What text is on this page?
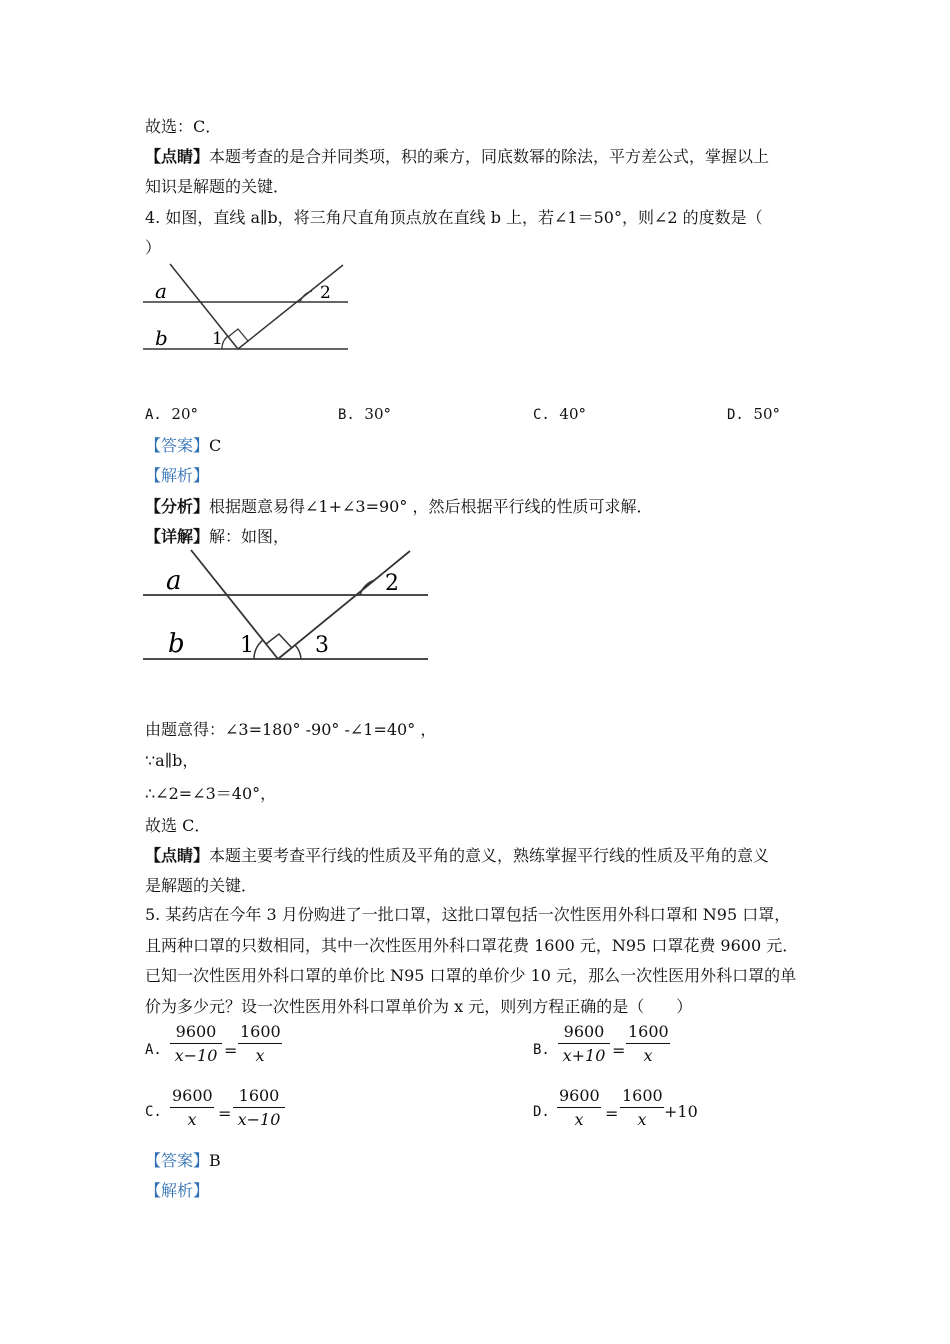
故选：C．
【点睛】本题考查的是合并同类项，积的乘方，同底数幂的除法，平方差公式，掌握以上
知识是解题的关键．
4. 如图，直线 a∥b，将三角尺直角顶点放在直线 b 上，若∠1＝50°，则∠2 的度数是（
）
a
b	1
2
A. 20°	B. 30°	C. 40°	D. 50°
【答案】C
【解析】
【分析】根据题意易得∠1+∠3=90° ，然后根据平行线的性质可求解．
【详解】解：如图，
a
b	1
2
3
由题意得：∠3=180° -90° -∠1=40° ，
∵a∥b，
∴∠2=∠3＝40°，
故选 C．
【点睛】本题主要考查平行线的性质及平角的意义，熟练掌握平行线的性质及平角的意义
是解题的关键．
5. 某药店在今年 3 月份购进了一批口罩，这批口罩包括一次性医用外科口罩和 N95 口罩，
且两种口罩的只数相同，其中一次性医用外科口罩花费 1600 元，N95 口罩花费 9600 元．
已知一次性医用外科口罩的单价比 N95 口罩的单价少 10 元，那么一次性医用外科口罩的单
价为多少元？设一次性医用外科口罩单价为 x 元，则列方程正确的是（　　）
A. $\frac{9600}{x-10} = \frac{1600}{x}$	B. $\frac{9600}{x+10} = \frac{1600}{x}$
C. $\frac{9600}{x} = \frac{1600}{x-10}$	D. $\frac{9600}{x} = \frac{1600}{x} +10$
【答案】B
【解析】
